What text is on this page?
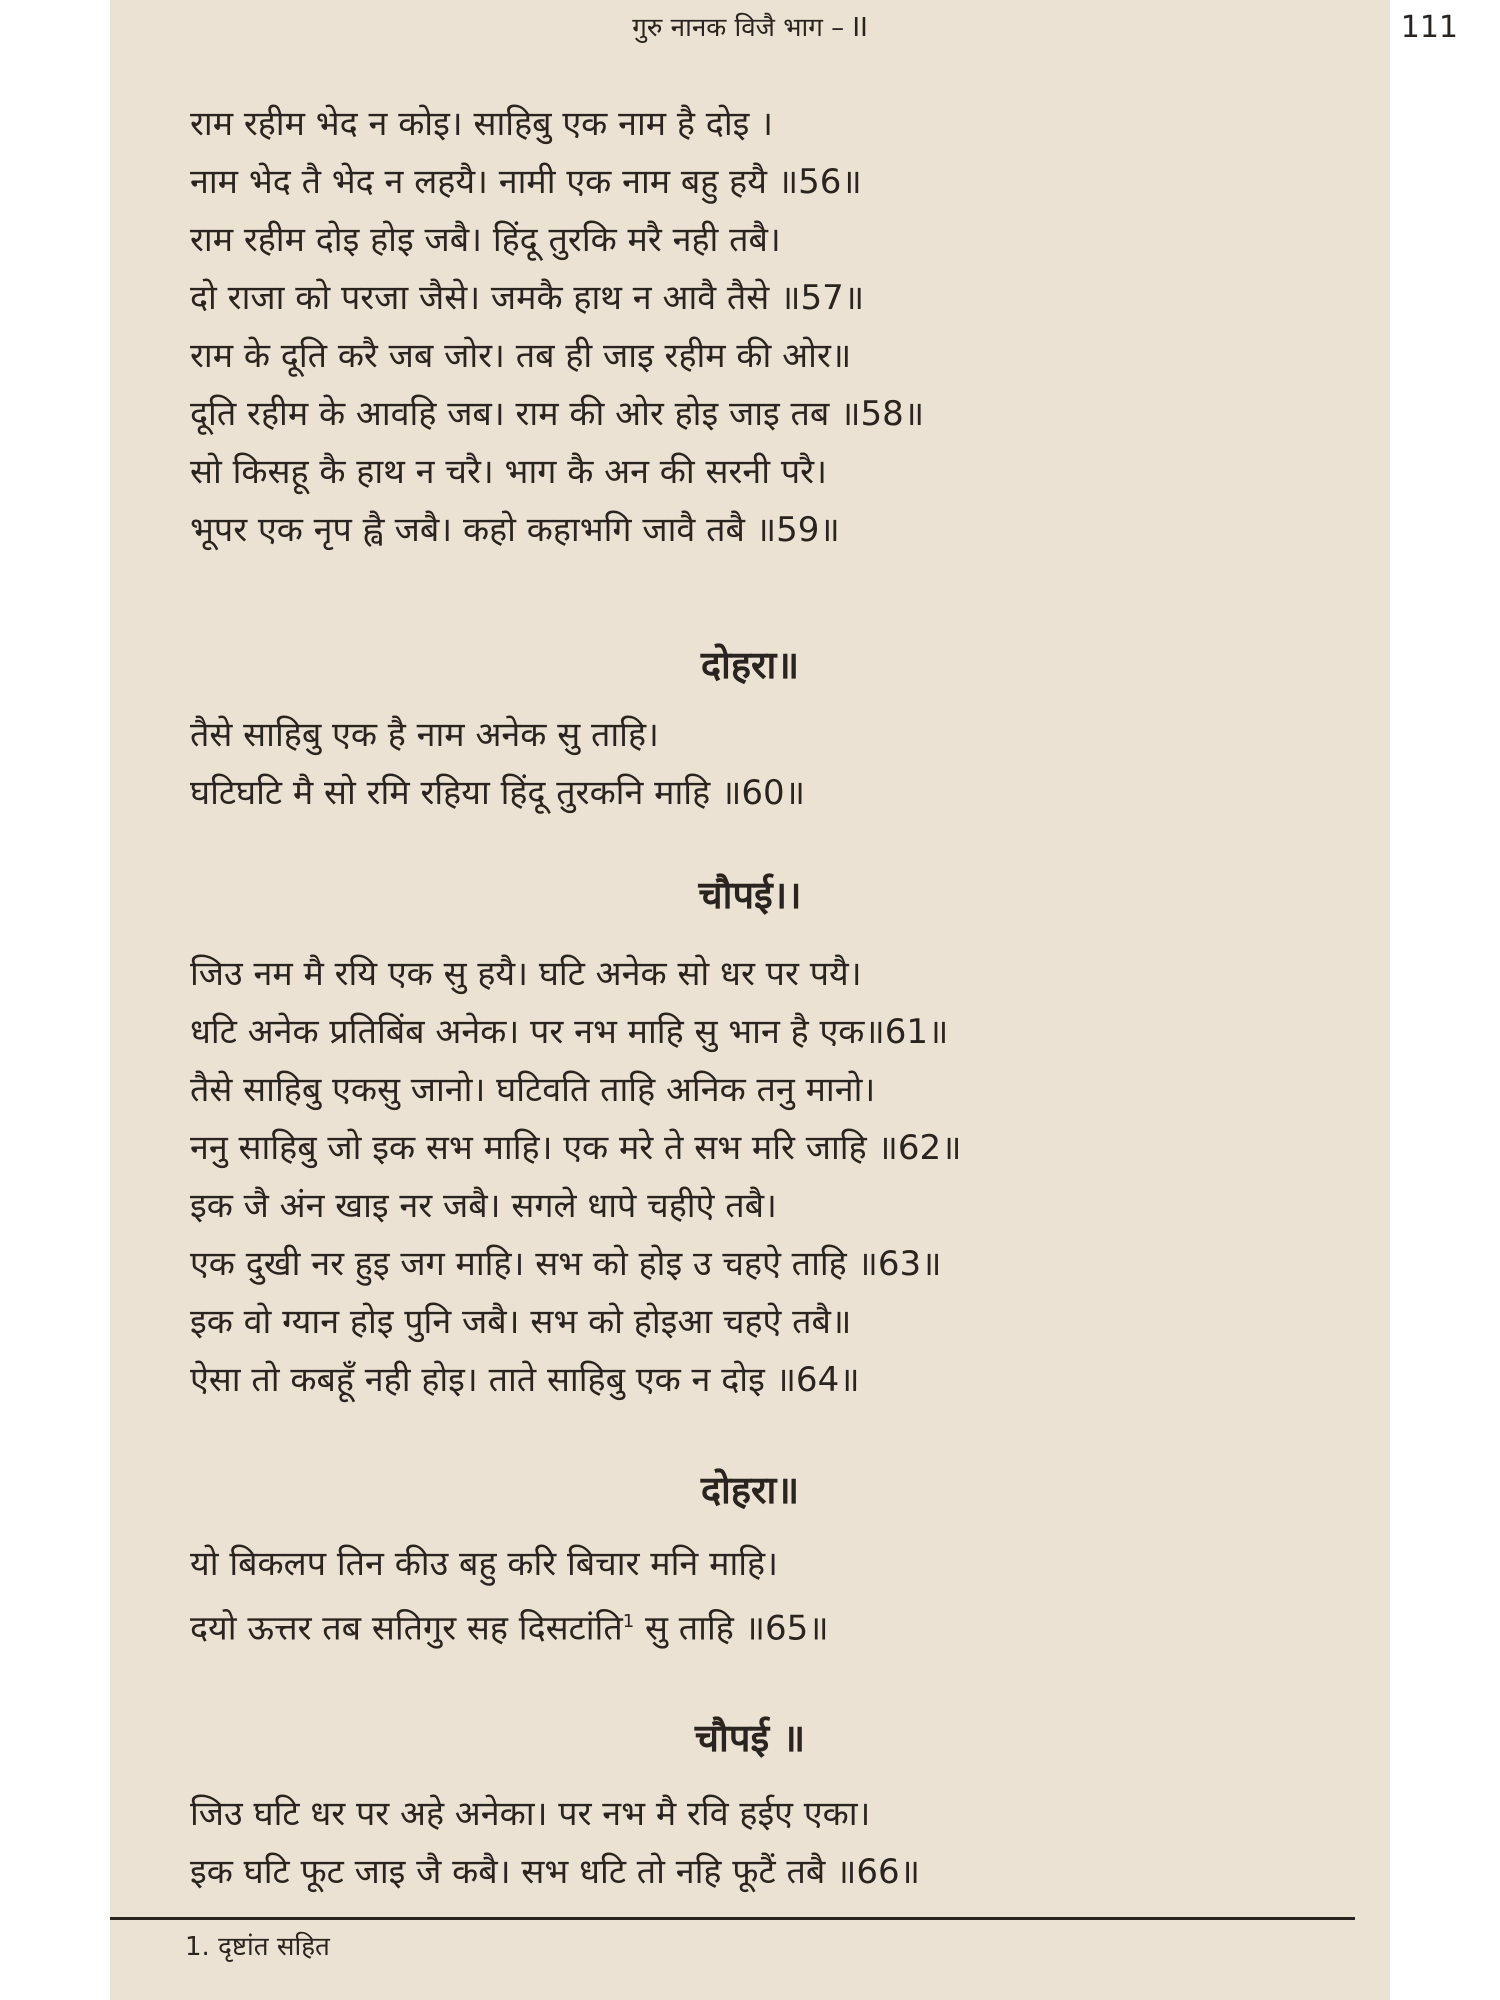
गुरु नानक विजै भाग – II	111
राम रहीम भेद न कोइ। साहिबु एक नाम है दोइ ।
नाम भेद तै भेद न लहयै। नामी एक नाम बहु हयै ॥56॥
राम रहीम दोइ होइ जबै। हिंदू तुरकि मरै नही तबै।
दो राजा को परजा जैसे। जमकै हाथ न आवै तैसे ॥57॥
राम के दूति करै जब जोर। तब ही जाइ रहीम की ओर॥
दूति रहीम के आवहि जब। राम की ओर होइ जाइ तब ॥58॥
सो किसहू कै हाथ न चरै। भाग कै अन की सरनी परै।
भूपर एक नृप ह्वै जबै। कहो कहाभगि जावै तबै ॥59॥
दोहरा॥
तैसे साहिबु एक है नाम अनेक सु ताहि।
घटिघटि मै सो रमि रहिया हिंदू तुरकनि माहि ॥60॥
चौपई।।
जिउ नम मै रयि एक सु हयै। घटि अनेक सो धर पर पयै।
धटि अनेक प्रतिबिंब अनेक। पर नभ माहि सु भान है एक॥61॥
तैसे साहिबु एकसु जानो। घटिवति ताहि अनिक तनु मानो।
ननु साहिबु जो इक सभ माहि। एक मरे ते सभ मरि जाहि ॥62॥
इक जै अंन खाइ नर जबै। सगले धापे चहीऐ तबै।
एक दुखी नर हुइ जग माहि। सभ को होइ उ चहऐ ताहि ॥63॥
इक वो ग्यान होइ पुनि जबै। सभ को होइआ चहऐ तबै॥
ऐसा तो कबहूँ नही होइ। ताते साहिबु एक न दोइ ॥64॥
दोहरा॥
यो बिकलप तिन कीउ बहु करि बिचार मनि माहि।
दयो ऊत्तर तब सतिगुर सह दिसटांति$^1$ सु ताहि ॥65॥
चौपई ॥
जिउ घटि धर पर अहे अनेका। पर नभ मै रवि हईए एका।
इक घटि फूट जाइ जै कबै। सभ धटि तो नहि फूटैं तबै ॥66॥
1. दृष्टांत सहित
